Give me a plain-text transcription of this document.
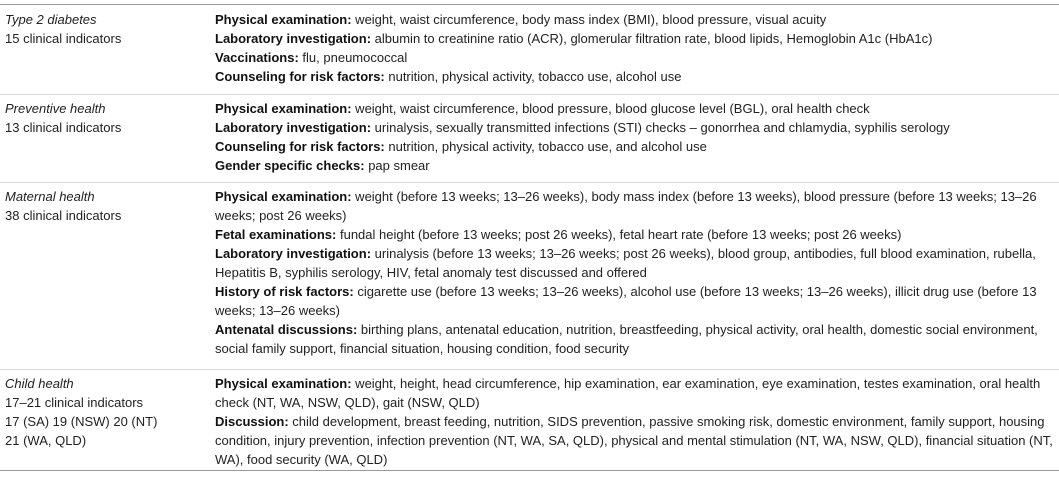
Type 2 diabetes
15 clinical indicators
Physical examination: weight, waist circumference, body mass index (BMI), blood pressure, visual acuity
Laboratory investigation: albumin to creatinine ratio (ACR), glomerular filtration rate, blood lipids, Hemoglobin A1c (HbA1c)
Vaccinations: flu, pneumococcal
Counseling for risk factors: nutrition, physical activity, tobacco use, alcohol use
Preventive health
13 clinical indicators
Physical examination: weight, waist circumference, blood pressure, blood glucose level (BGL), oral health check
Laboratory investigation: urinalysis, sexually transmitted infections (STI) checks – gonorrhea and chlamydia, syphilis serology
Counseling for risk factors: nutrition, physical activity, tobacco use, and alcohol use
Gender specific checks: pap smear
Maternal health
38 clinical indicators
Physical examination: weight (before 13 weeks; 13–26 weeks), body mass index (before 13 weeks), blood pressure (before 13 weeks; 13–26 weeks; post 26 weeks)
Fetal examinations: fundal height (before 13 weeks; post 26 weeks), fetal heart rate (before 13 weeks; post 26 weeks)
Laboratory investigation: urinalysis (before 13 weeks; 13–26 weeks; post 26 weeks), blood group, antibodies, full blood examination, rubella, Hepatitis B, syphilis serology, HIV, fetal anomaly test discussed and offered
History of risk factors: cigarette use (before 13 weeks; 13–26 weeks), alcohol use (before 13 weeks; 13–26 weeks), illicit drug use (before 13 weeks; 13–26 weeks)
Antenatal discussions: birthing plans, antenatal education, nutrition, breastfeeding, physical activity, oral health, domestic social environment, social family support, financial situation, housing condition, food security
Child health
17–21 clinical indicators
17 (SA) 19 (NSW) 20 (NT)
21 (WA, QLD)
Physical examination: weight, height, head circumference, hip examination, ear examination, eye examination, testes examination, oral health check (NT, WA, NSW, QLD), gait (NSW, QLD)
Discussion: child development, breast feeding, nutrition, SIDS prevention, passive smoking risk, domestic environment, family support, housing condition, injury prevention, infection prevention (NT, WA, SA, QLD), physical and mental stimulation (NT, WA, NSW, QLD), financial situation (NT, WA), food security (WA, QLD)
